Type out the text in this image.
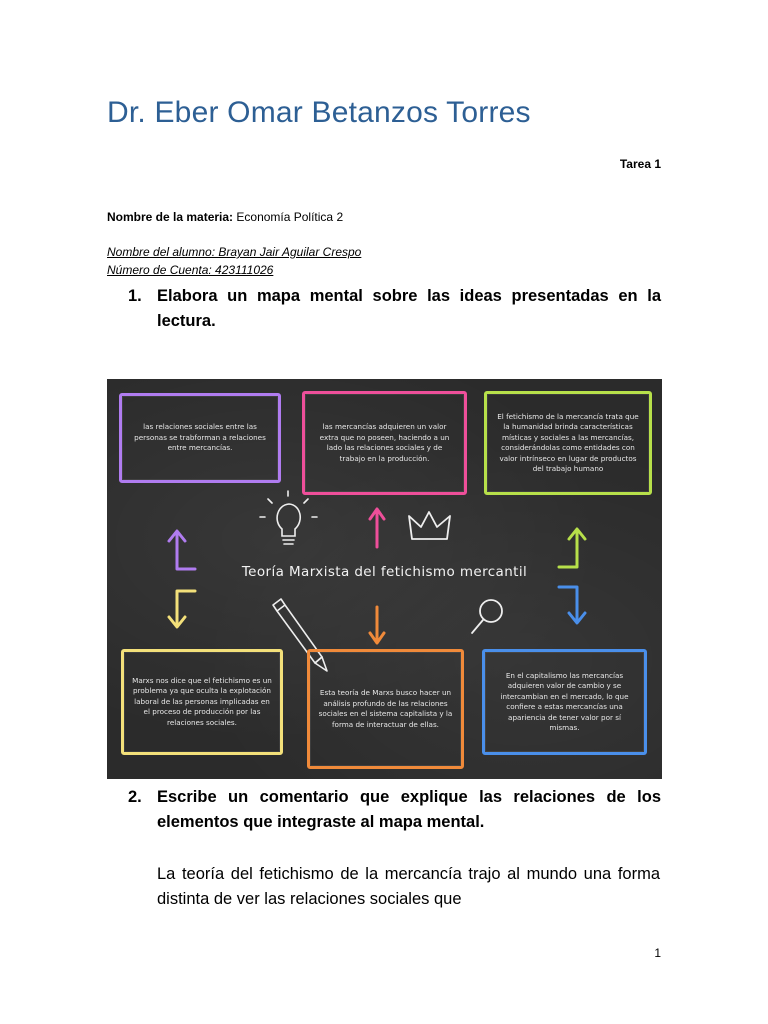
Dr. Eber Omar Betanzos Torres
Tarea 1
Nombre de la materia: Economía Política 2
Nombre del alumno: Brayan Jair Aguilar Crespo
Número de Cuenta: 423111026
1. Elabora un mapa mental sobre las ideas presentadas en la lectura.
las relaciones sociales entre las personas se trabforman a relaciones entre mercancías.
las mercancías adquieren un valor extra que no poseen, haciendo a un lado las relaciones sociales y de trabajo en la producción.
El fetichismo de la mercancía trata que la humanidad brinda características místicas y sociales a las mercancías, considerándolas como entidades con valor intrínseco en lugar de productos del trabajo humano
Teoría Marxista del fetichismo mercantil
Marxs nos dice que el fetichismo es un problema ya que oculta la explotación laboral de las personas implicadas en el proceso de producción por las relaciones sociales.
Esta teoría de Marxs busco hacer un análisis profundo de las relaciones sociales en el sistema capitalista y la forma de interactuar de ellas.
En el capitalismo las mercancías adquieren valor de cambio y se intercambian en el mercado, lo que confiere a estas mercancías una apariencia de tener valor por sí mismas.
2. Escribe un comentario que explique las relaciones de los elementos que integraste al mapa mental.
La teoría del fetichismo de la mercancía trajo al mundo una forma distinta de ver las relaciones sociales que
1
